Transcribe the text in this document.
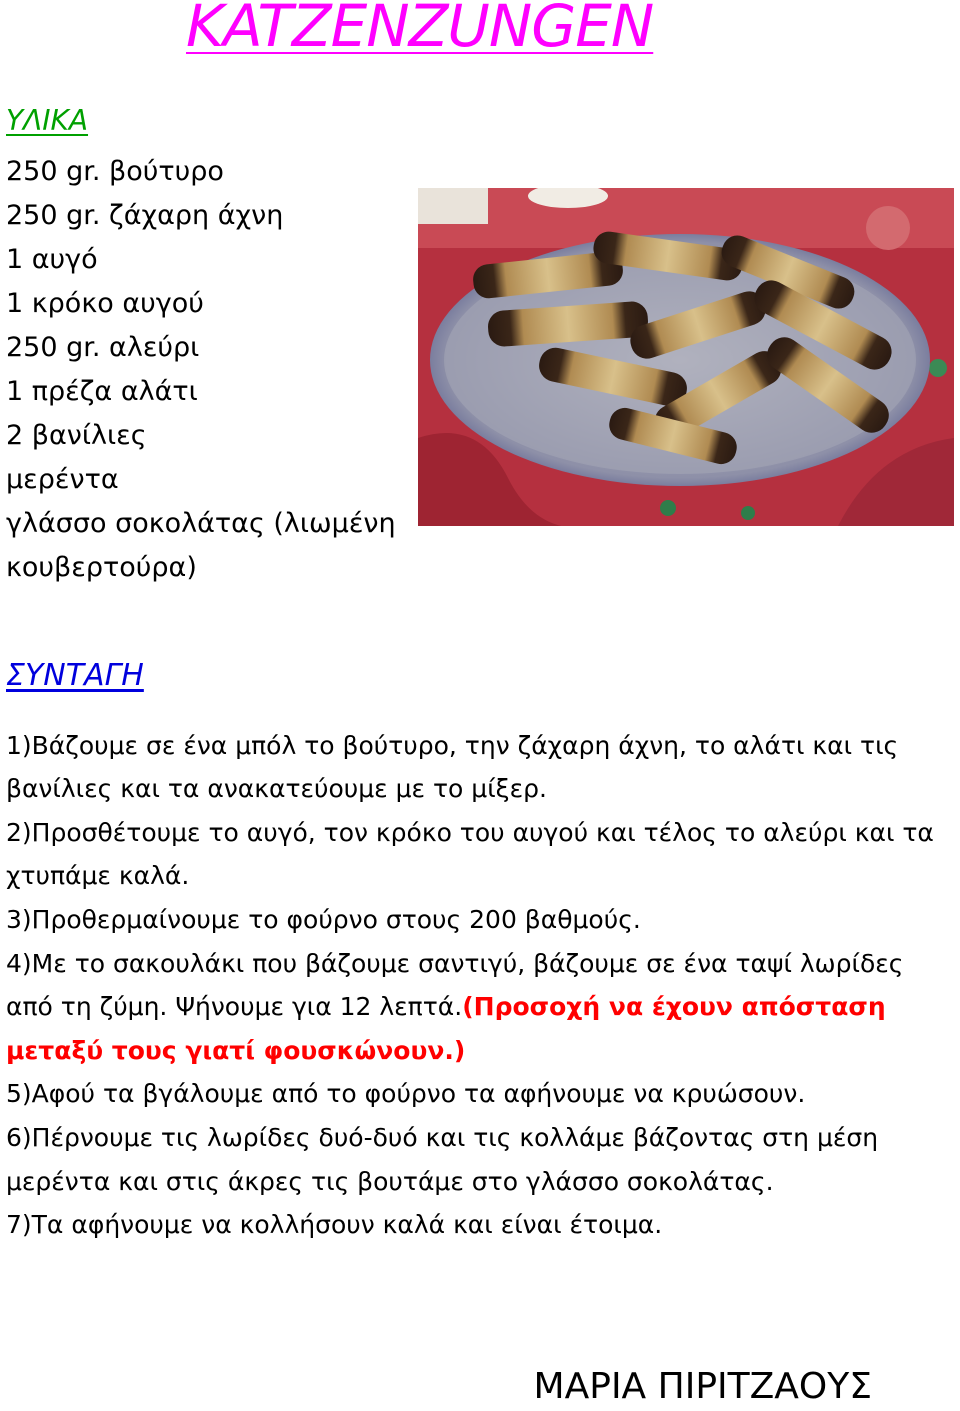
KATZENZUNGEN
ΥΛΙΚΑ
250 gr. βούτυρο
250 gr. ζάχαρη άχνη
1 αυγό
1 κρόκο αυγού
250 gr. αλεύρι
1 πρέζα αλάτι
2 βανίλιες
μερέντα
γλάσσο σοκολάτας (λιωμένη
κουβερτούρα)
ΣΥΝΤΑΓΗ

1)Βάζουμε σε ένα μπόλ το βούτυρο, την ζάχαρη άχνη, το αλάτι και τις βανίλιες και τα ανακατεύουμε με το μίξερ.

2)Προσθέτουμε το αυγό, τον κρόκο του αυγού και τέλος το αλεύρι και τα χτυπάμε καλά.

3)Προθερμαίνουμε το φούρνο στους 200 βαθμούς.

4)Με το σακουλάκι που βάζουμε σαντιγύ, βάζουμε σε ένα ταψί λωρίδες από τη ζύμη. Ψήνουμε για 12 λεπτά.(Προσοχή να έχουν απόσταση μεταξύ τους γιατί φουσκώνουν.)

5)Αφού τα βγάλουμε από το φούρνο τα αφήνουμε να κρυώσουν.

6)Πέρνουμε τις λωρίδες δυό-δυό και τις κολλάμε βάζοντας στη μέση μερέντα και στις άκρες τις βουτάμε στο γλάσσο σοκολάτας.

7)Τα αφήνουμε να κολλήσουν καλά και είναι έτοιμα.

ΜΑΡΙΑ ΠΙΡΙΤΖΑΟΥΣ
